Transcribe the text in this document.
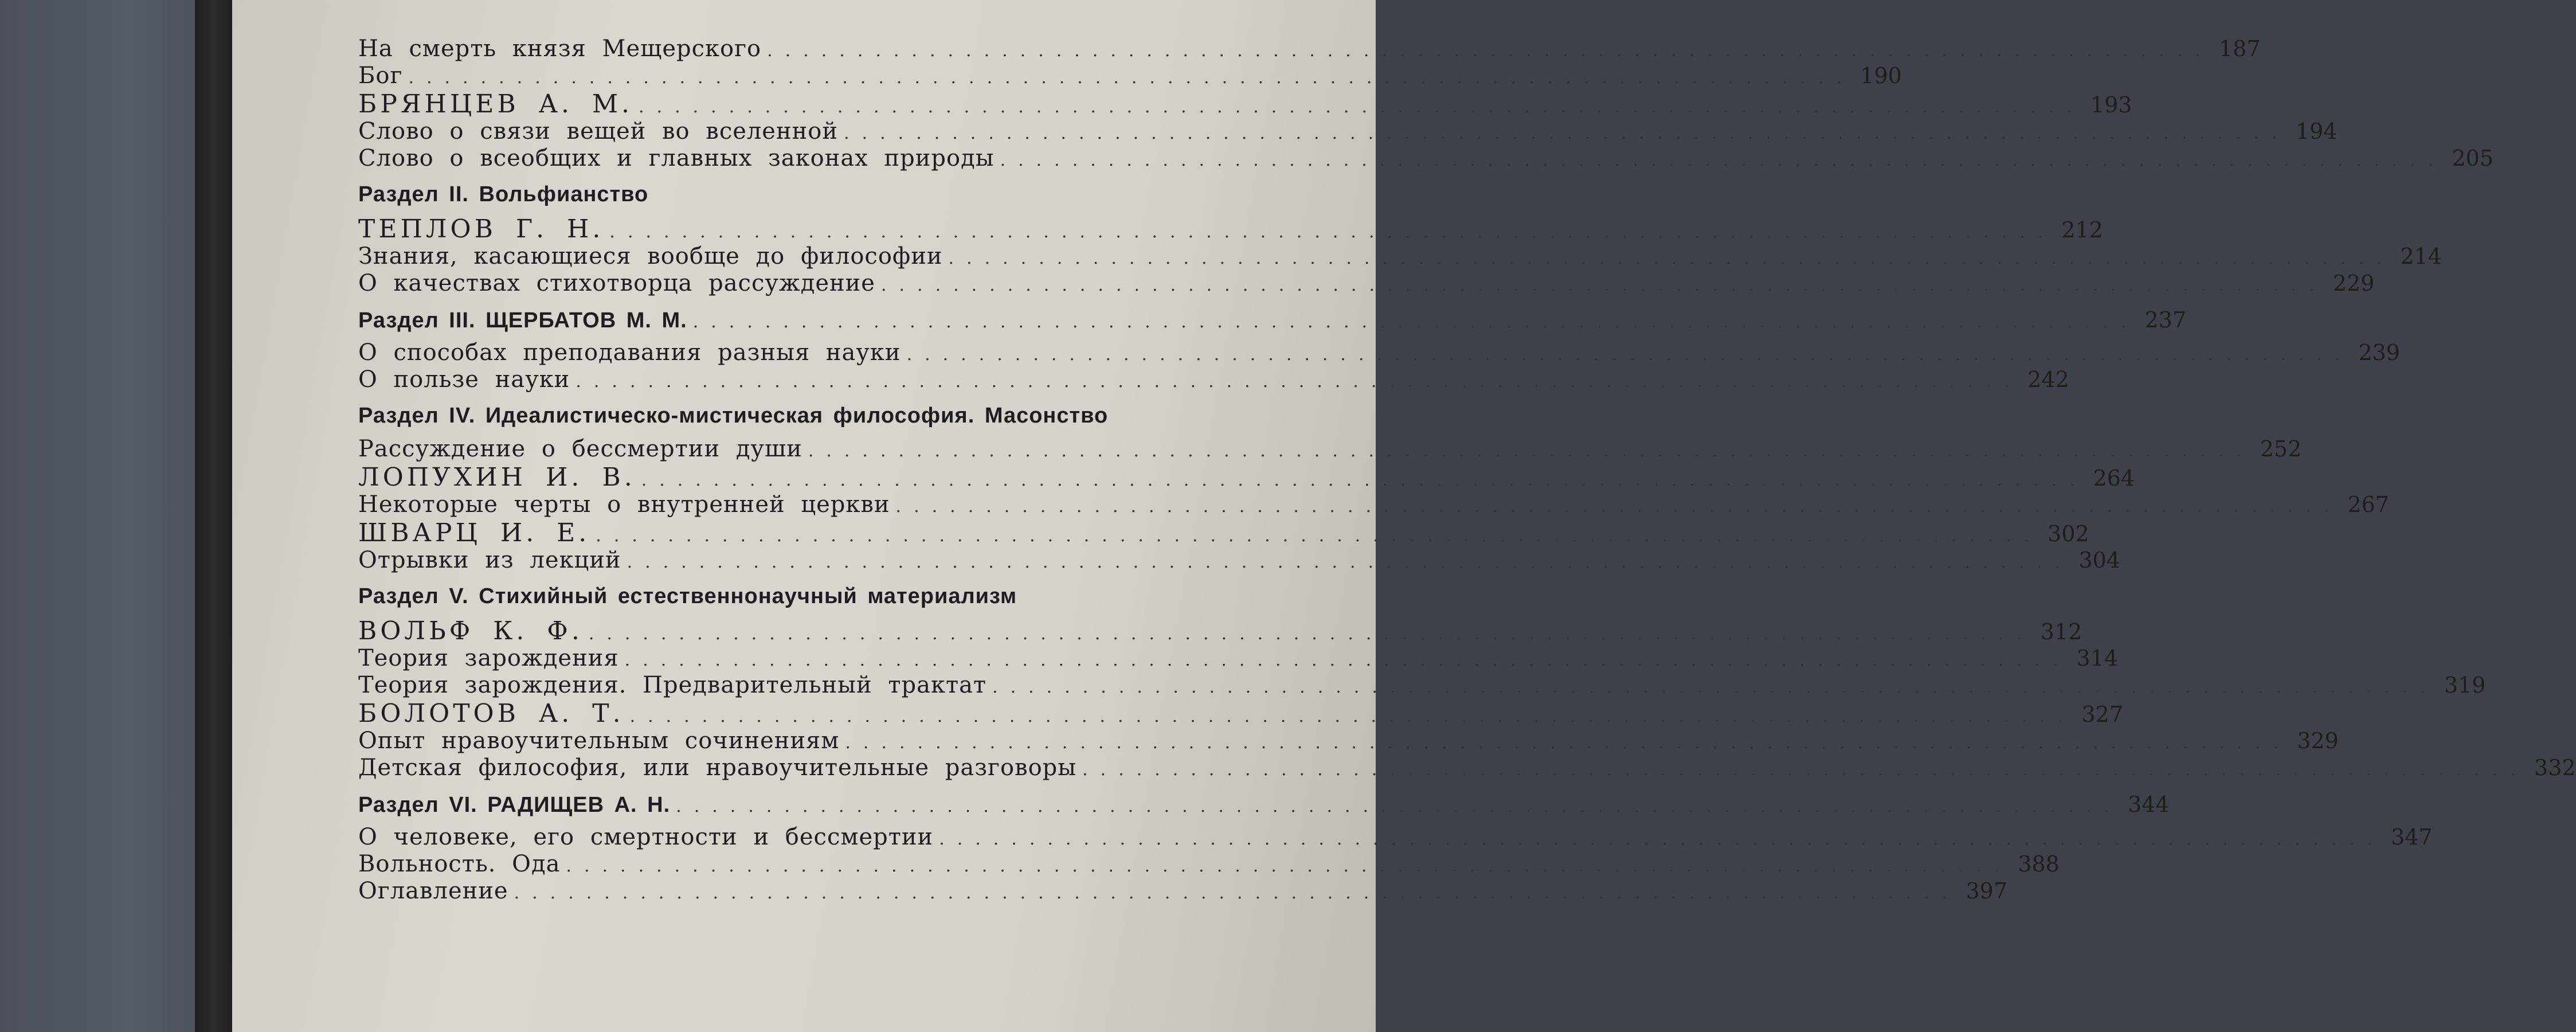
На смерть князя Мещерского ................................................................................ 187
Бог ................................................................................ 190
БРЯНЦЕВ А. М. ................................................................................ 193
Слово о связи вещей во вселенной ................................................................................ 194
Слово о всеобщих и главных законах природы ................................................................................ 205
Раздел II. Вольфианство
ТЕПЛОВ Г. Н. ................................................................................ 212
Знания, касающиеся вообще до философии ................................................................................ 214
О качествах стихотворца рассуждение ................................................................................ 229
Раздел III. ЩЕРБАТОВ М. М. ................................................................................ 237
О способах преподавания разныя науки ................................................................................ 239
О пользе науки ................................................................................ 242
Раздел IV. Идеалистическо-мистическая философия. Масонство
Рассуждение о бессмертии души ................................................................................ 252
ЛОПУХИН И. В. ................................................................................ 264
Некоторые черты о внутренней церкви ................................................................................ 267
ШВАРЦ И. Е. ................................................................................ 302
Отрывки из лекций ................................................................................ 304
Раздел V. Стихийный естественнонаучный материализм
ВОЛЬФ К. Ф. ................................................................................ 312
Теория зарождения ................................................................................ 314
Теория зарождения. Предварительный трактат ................................................................................ 319
БОЛОТОВ А. Т. ................................................................................ 327
Опыт нравоучительным сочинениям ................................................................................ 329
Детская философия, или нравоучительные разговоры ................................................................................ 332
Раздел VI. РАДИЩЕВ А. Н. ................................................................................ 344
О человеке, его смертности и бессмертии ................................................................................ 347
Вольность. Ода ................................................................................ 388
Оглавление ................................................................................ 397
